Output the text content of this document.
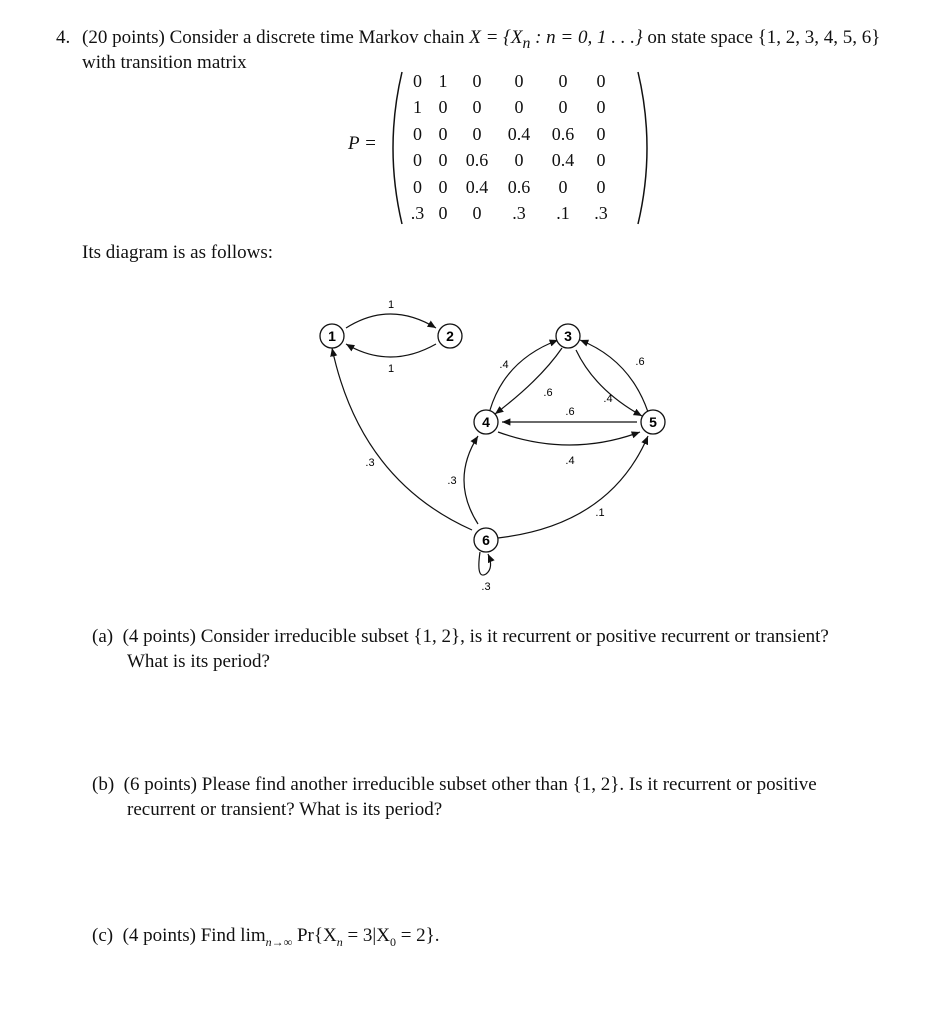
4. (20 points) Consider a discrete time Markov chain $X = \{X_n$ : n = 0, 1 . . .} on state space {1, 2, 3, 4, 5, 6}
with transition matrix
P =
0	1	0	0	0	0
1	0	0	0	0	0
0	0	0	0.4	0.6	0
0	0	0.6	0	0.4	0
0	0	0.4	0.6	0	0
.3	0	0	.3	.1	.3
Its diagram is as follows:
1	2	3
4	5
6
1
1	.4
.6
.6
.4
.6
.4
.3
.3
.1
.3
(a) (4 points) Consider irreducible subset {1, 2}, is it recurrent or positive recurrent or transient?
What is its period?
(b) (6 points) Please find another irreducible subset other than {1, 2}. Is it recurrent or positive
recurrent or transient? What is its period?
(c) (4 points) Find $\lim_{n\to\infty} Pr\{X_n = 3|X_0 = 2\}$.
